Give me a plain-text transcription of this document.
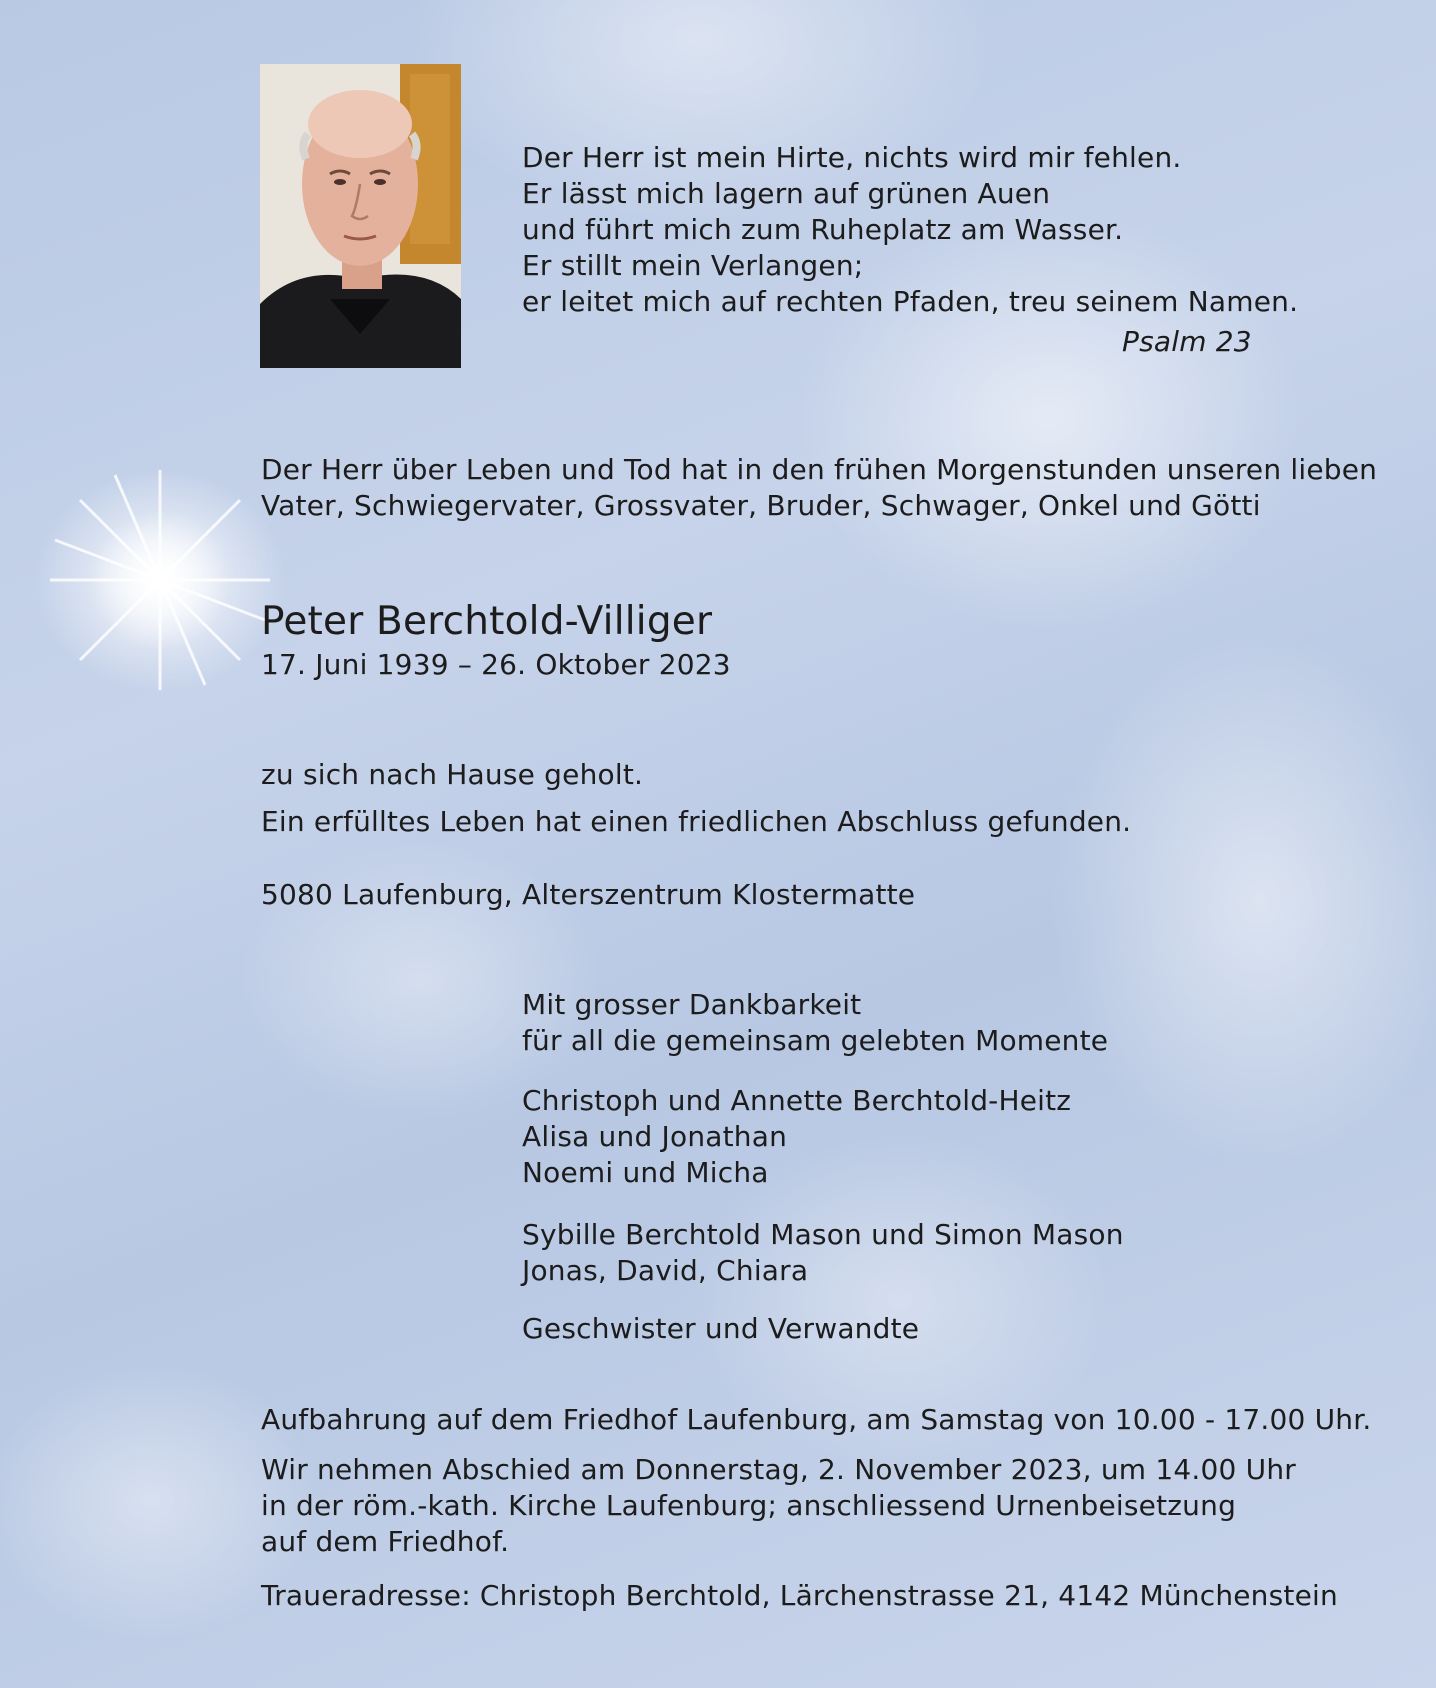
Der Herr ist mein Hirte, nichts wird mir fehlen.
Er lässt mich lagern auf grünen Auen
und führt mich zum Ruheplatz am Wasser.
Er stillt mein Verlangen;
er leitet mich auf rechten Pfaden, treu seinem Namen.
Psalm 23
Der Herr über Leben und Tod hat in den frühen Morgenstunden unseren lieben
Vater, Schwiegervater, Grossvater, Bruder, Schwager, Onkel und Götti
Peter Berchtold-Villiger
17. Juni 1939 – 26. Oktober 2023
zu sich nach Hause geholt.
Ein erfülltes Leben hat einen friedlichen Abschluss gefunden.
5080 Laufenburg, Alterszentrum Klostermatte
Mit grosser Dankbarkeit
für all die gemeinsam gelebten Momente
Christoph und Annette Berchtold-Heitz
Alisa und Jonathan
Noemi und Micha
Sybille Berchtold Mason und Simon Mason
Jonas, David, Chiara
Geschwister und Verwandte
Aufbahrung auf dem Friedhof Laufenburg, am Samstag von 10.00 - 17.00 Uhr.
Wir nehmen Abschied am Donnerstag, 2. November 2023, um 14.00 Uhr
in der röm.-kath. Kirche Laufenburg; anschliessend Urnenbeisetzung
auf dem Friedhof.
Traueradresse: Christoph Berchtold, Lärchenstrasse 21, 4142 Münchenstein
